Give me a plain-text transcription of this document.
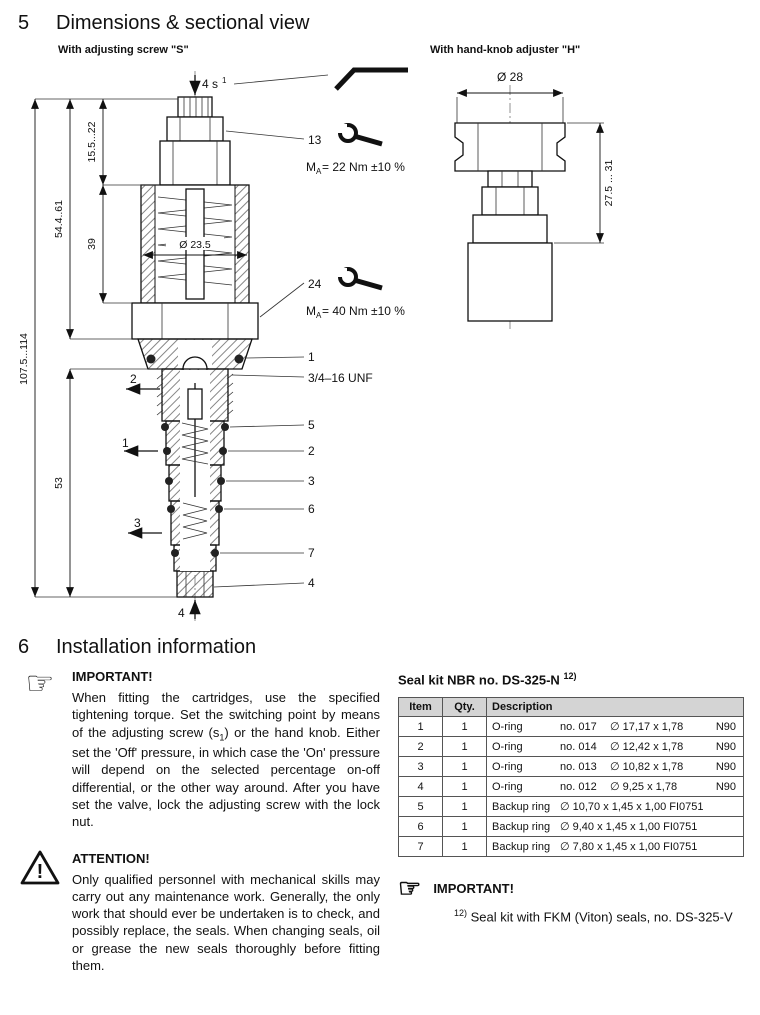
5	Dimensions & sectional view
With adjusting screw "S"	With hand-knob adjuster "H"
4 s 1
Ø 23.5
4
2
1
3
13
M A = 22 Nm ±10 %
24
M A = 40 Nm ±10 %
1
3/4–16 UNF
5
2
3
6
7
4
107.5...114
54.4..61
15.5...22
39
53
Ø 28
27.5 ... 31
6	Installation information
☞	IMPORTANT!

When fitting the cartridges, use the specified tightening torque. Set the switching point by means of the adjusting screw $(s_1)$ or the hand knob. Either set the 'Off' pressure, in which case the 'On' pressure will depend on the selected percentage on-off differential, or the other way around. After you have set the valve, lock the adjusting screw with the lock nut.

!
ATTENTION!

Only qualified personnel with mechanical skills may carry out any maintenance work. Generally, the only work that should ever be undertaken is to check, and possibly replace, the seals. When changing seals, oil or grease the new seals thoroughly before fitting them.

Seal kit NBR no. DS-325-N $^{12)}$
Item	Qty.	Description
1	1	O-ring no. 017 ∅ 17,17 x 1,78 N90

2	1	O-ring no. 014 ∅ 12,42 x 1,78 N90

3	1	O-ring no. 013 ∅ 10,82 x 1,78 N90

4	1	O-ring no. 012 ∅ 9,25 x 1,78 N90

5	1	Backup ring ∅ 10,70 x 1,45 x 1,00 FI0751

6	1	Backup ring ∅ 9,40 x 1,45 x 1,00 FI0751

7	1	Backup ring ∅ 7,80 x 1,45 x 1,00 FI0751
☞ IMPORTANT!
$^{12)}$ Seal kit with FKM (Viton) seals, no. DS-325-V
